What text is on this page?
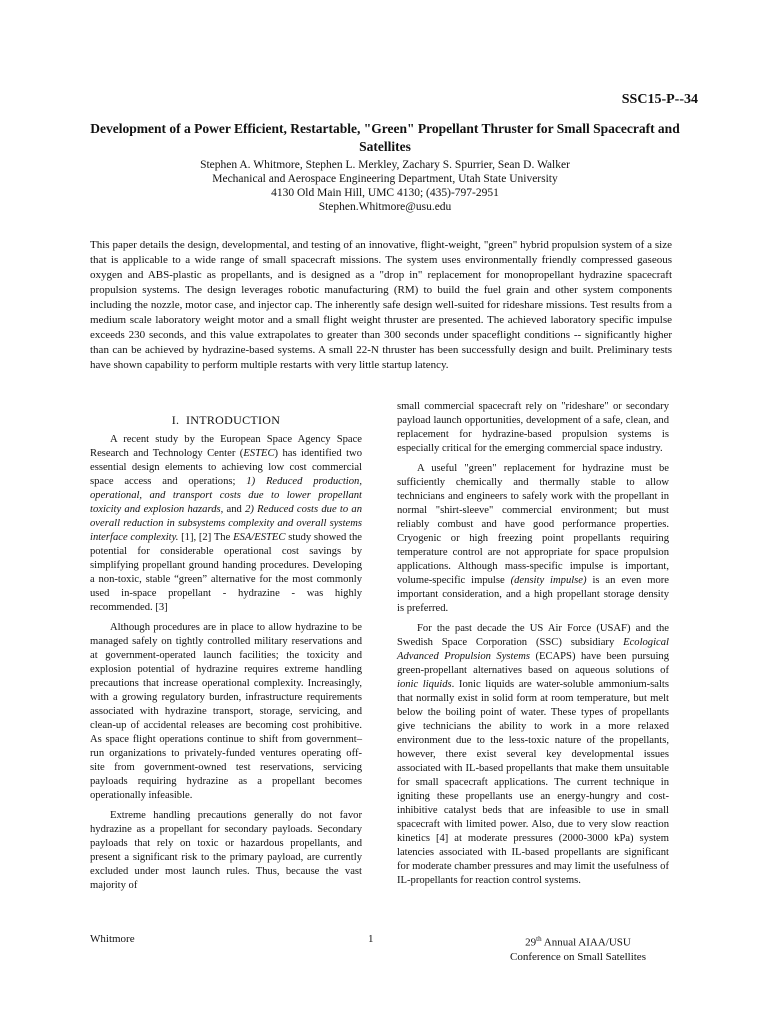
SSC15-P--34
Development of a Power Efficient, Restartable, "Green" Propellant Thruster for Small Spacecraft and Satellites
Stephen A. Whitmore, Stephen L. Merkley, Zachary S. Spurrier, Sean D. Walker
Mechanical and Aerospace Engineering Department, Utah State University
4130 Old Main Hill, UMC 4130; (435)-797-2951
Stephen.Whitmore@usu.edu
This paper details the design, developmental, and testing of an innovative, flight-weight, "green" hybrid propulsion system of a size that is applicable to a wide range of small spacecraft missions. The system uses environmentally friendly compressed gaseous oxygen and ABS-plastic as propellants, and is designed as a "drop in" replacement for monopropellant hydrazine spacecraft propulsion systems. The design leverages robotic manufacturing (RM) to build the fuel grain and other system components including the nozzle, motor case, and injector cap. The inherently safe design well-suited for rideshare missions. Test results from a medium scale laboratory weight motor and a small flight weight thruster are presented. The achieved laboratory specific impulse exceeds 230 seconds, and this value extrapolates to greater than 300 seconds under spaceflight conditions -- significantly higher than can be achieved by hydrazine-based systems. A small 22-N thruster has been successfully design and built. Preliminary tests have shown capability to perform multiple restarts with very little startup latency.
I. INTRODUCTION

A recent study by the European Space Agency Space Research and Technology Center (ESTEC) has identified two essential design elements to achieving low cost commercial space access and operations; 1) Reduced production, operational, and transport costs due to lower propellant toxicity and explosion hazards, and 2) Reduced costs due to an overall reduction in subsystems complexity and overall systems interface complexity. [1], [2] The ESA/ESTEC study showed the potential for considerable operational cost savings by simplifying propellant ground handing procedures. Developing a non-toxic, stable “green” alternative for the most commonly used in-space propellant - hydrazine - was highly recommended. [3]

Although procedures are in place to allow hydrazine to be managed safely on tightly controlled military reservations and at government-operated launch facilities; the toxicity and explosion potential of hydrazine requires extreme handling precautions that increase operational complexity. Increasingly, with a growing regulatory burden, infrastructure requirements associated with hydrazine transport, storage, servicing, and clean-up of accidental releases are becoming cost prohibitive. As space flight operations continue to shift from government–run organizations to privately-funded ventures operating off-site from government-owned test reservations, servicing payloads requiring hydrazine as a propellant becomes operationally infeasible.

Extreme handling precautions generally do not favor hydrazine as a propellant for secondary payloads. Secondary payloads that rely on toxic or hazardous propellants, and present a significant risk to the primary payload, are currently excluded under most launch rules. Thus, because the vast majority of

small commercial spacecraft rely on "rideshare" or secondary payload launch opportunities, development of a safe, clean, and replacement for hydrazine-based propulsion systems is especially critical for the emerging commercial space industry.

A useful "green" replacement for hydrazine must be sufficiently chemically and thermally stable to allow technicians and engineers to safely work with the propellant in normal "shirt-sleeve" commercial environment; but must reliably combust and have good performance properties. Cryogenic or high freezing point propellants requiring temperature control are not appropriate for space propulsion applications. Although mass-specific impulse is important, volume-specific impulse (density impulse) is an even more important consideration, and a high propellant storage density is preferred.

For the past decade the US Air Force (USAF) and the Swedish Space Corporation (SSC) subsidiary Ecological Advanced Propulsion Systems (ECAPS) have been pursuing green-propellant alternatives based on aqueous solutions of ionic liquids. Ionic liquids are water-soluble ammonium-salts that normally exist in solid form at room temperature, but melt below the boiling point of water. These types of propellants give technicians the ability to work in a more relaxed environment due to the less-toxic nature of the propellants, however, there exist several key developmental issues associated with IL-based propellants that make them unsuitable for small spacecraft applications. The current technique in igniting these propellants use an energy-hungry and cost-inhibitive catalyst beds that are infeasible to use in small spacecraft with limited power. Also, due to very slow reaction kinetics [4] at moderate pressures (2000-3000 kPa) system latencies associated with IL-based propellants are significant for moderate chamber pressures and may limit the usefulness of IL-propellants for reaction control systems.

Whitmore	1	29th Annual AIAA/USU
Conference on Small Satellites
